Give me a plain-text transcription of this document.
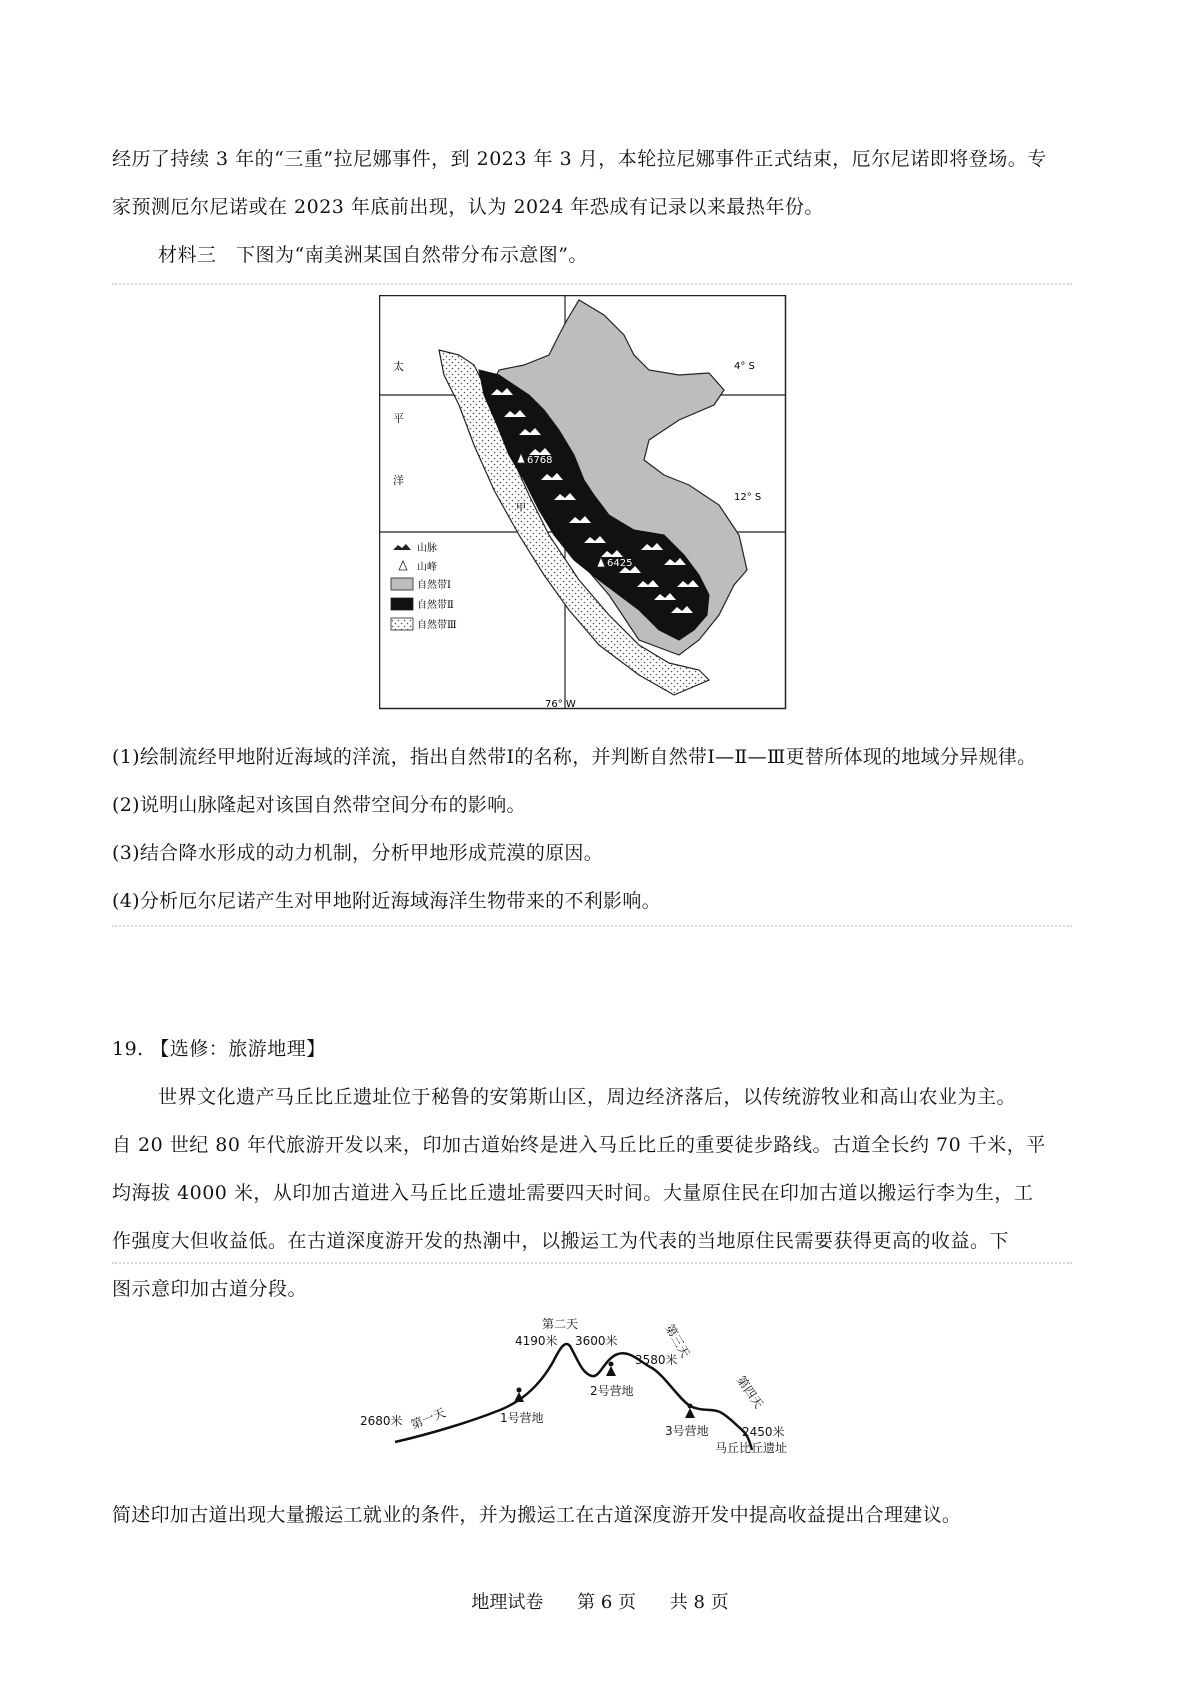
经历了持续 3 年的“三重”拉尼娜事件，到 2023 年 3 月，本轮拉尼娜事件正式结束，厄尔尼诺即将登场。专
家预测厄尔尼诺或在 2023 年底前出现，认为 2024 年恐成有记录以来最热年份。
材料三　下图为“南美洲某国自然带分布示意图”。
6768
6425
太
平
洋
4° S
12° S
甲
76° W
山脉
山峰
自然带Ⅰ
自然带Ⅱ
自然带Ⅲ
(1)绘制流经甲地附近海域的洋流，指出自然带Ⅰ的名称，并判断自然带Ⅰ—Ⅱ—Ⅲ更替所体现的地域分异规律。
(2)说明山脉隆起对该国自然带空间分布的影响。
(3)结合降水形成的动力机制，分析甲地形成荒漠的原因。
(4)分析厄尔尼诺产生对甲地附近海域海洋生物带来的不利影响。
19. 【选修：旅游地理】
世界文化遗产马丘比丘遗址位于秘鲁的安第斯山区，周边经济落后，以传统游牧业和高山农业为主。
自 20 世纪 80 年代旅游开发以来，印加古道始终是进入马丘比丘的重要徒步路线。古道全长约 70 千米，平
均海拔 4000 米，从印加古道进入马丘比丘遗址需要四天时间。大量原住民在印加古道以搬运行李为生，工
作强度大但收益低。在古道深度游开发的热潮中，以搬运工为代表的当地原住民需要获得更高的收益。下
图示意印加古道分段。
2680米 第一天	1号营地
第二天
4190米 3600米
2号营地
3580米
第三天
3号营地
第四天
2450米
马丘比丘遗址
简述印加古道出现大量搬运工就业的条件，并为搬运工在古道深度游开发中提高收益提出合理建议。
地理试卷 第 6 页 共 8 页
